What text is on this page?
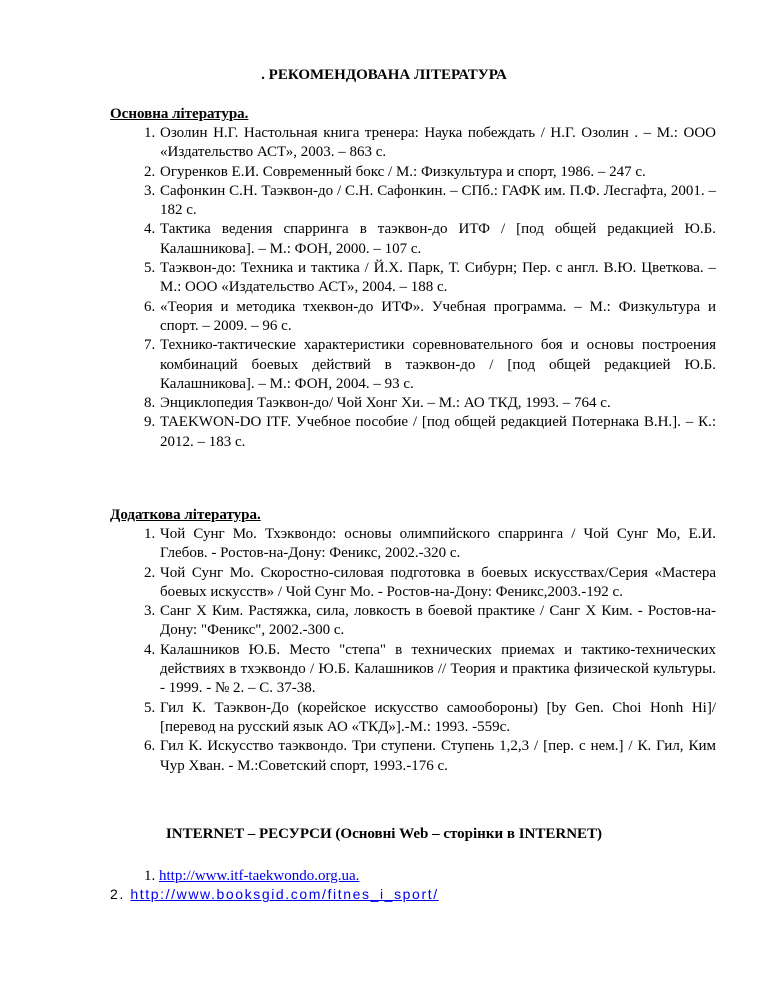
. РЕКОМЕНДОВАНА ЛІТЕРАТУРА
Основна література.
1. Озолин Н.Г. Настольная книга тренера: Наука побеждать / Н.Г. Озолин . – М.: ООО «Издательство АСТ», 2003. – 863 с.
2. Огуренков Е.И. Современный бокс / М.: Физкультура и спорт, 1986. – 247 с.
3. Сафонкин С.Н. Таэквон-до / С.Н. Сафонкин. – СПб.: ГАФК им. П.Ф. Лесгафта, 2001. – 182 с.
4. Тактика ведения спарринга в таэквон-до ИТФ / [под общей редакцией Ю.Б. Калашникова]. – М.: ФОН, 2000. – 107 с.
5. Таэквон-до: Техника и тактика / Й.Х. Парк, Т. Сибурн; Пер. с англ. В.Ю. Цветкова. – М.: ООО «Издательство АСТ», 2004. – 188 с.
6. «Теория и методика тхеквон-до ИТФ». Учебная программа. – М.: Физкультура и спорт. – 2009. – 96 с.
7. Технико-тактические характеристики соревновательного боя и основы построения комбинаций боевых действий в таэквон-до / [под общей редакцией Ю.Б. Калашникова]. – М.: ФОН, 2004. – 93 с.
8. Энциклопедия Таэквон-до/ Чой Хонг Хи. – М.: АО ТКД, 1993. – 764 с.
9. TAEKWON-DO ITF. Учебное пособие / [под общей редакцией Потернака В.Н.]. – К.: 2012. – 183 с.
Додаткова література.
1. Чой Сунг Мо. Тхэквондо: основы олимпийского спарринга / Чой Сунг Мо, Е.И. Глебов. - Ростов-на-Дону: Феникс, 2002.-320 с.
2. Чой Сунг Мо. Скоростно-силовая подготовка в боевых искусствах/Серия «Мастера боевых искусств» / Чой Сунг Мо. - Ростов-на-Дону: Феникс,2003.-192 с.
3. Санг Х Ким. Растяжка, сила, ловкость в боевой практике / Санг Х Ким. - Ростов-на-Дону: "Феникс", 2002.-300 с.
4. Калашников Ю.Б. Место "степа" в технических приемах и тактико-технических действиях в тхэквондо / Ю.Б. Калашников // Теория и практика физической культуры. - 1999. - № 2. – С. 37-38.
5. Гил К. Таэквон-До (корейское искусство самообороны) [by Gen. Choi Honh Hi]/ [перевод на русский язык АО «ТКД»].-М.: 1993. -559с.
6. Гил К. Искусство таэквондо. Три ступени. Ступень 1,2,3 / [пер. с нем.] / К. Гил, Ким Чур Хван. - М.:Советский спорт, 1993.-176 с.
INTERNET – РЕСУРСИ (Основні Web – сторінки в INTERNET)
1. http://www.itf-taekwondo.org.ua.
2. http://www.booksgid.com/fitnes_i_sport/
